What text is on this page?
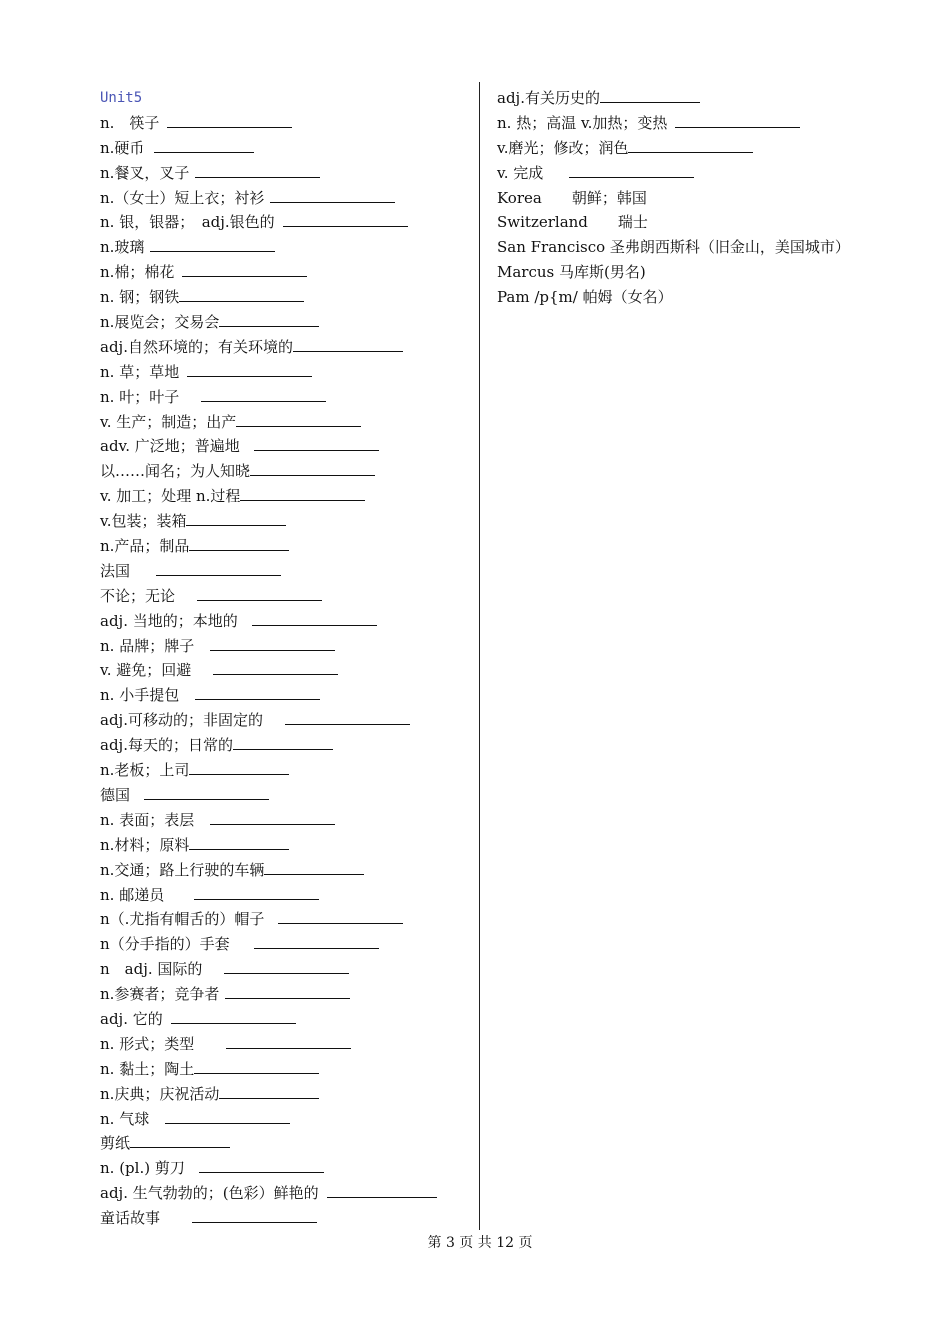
Unit5
n.　筷子
n.硬币
n.餐叉，叉子
n.（女士）短上衣；衬衫
n. 银，银器；　adj.银色的
n.玻璃
n.棉；棉花
n. 钢；钢铁
n.展览会；交易会
adj.自然环境的；有关环境的
n. 草；草地
n. 叶；叶子
v. 生产；制造；出产
adv. 广泛地；普遍地
以……闻名；为人知晓
v. 加工；处理 n.过程
v.包装；装箱
n.产品；制品
法国
不论；无论
adj. 当地的；本地的
n. 品牌；牌子
v. 避免；回避
n. 小手提包
adj.可移动的；非固定的
adj.每天的；日常的
n.老板；上司
德国
n. 表面；表层
n.材料；原料
n.交通；路上行驶的车辆
n. 邮递员
n（.尤指有帽舌的）帽子
n（分手指的）手套
n　adj. 国际的
n.参赛者；竞争者
adj. 它的
n. 形式；类型
n. 黏土；陶土
n.庆典；庆祝活动
n. 气球
剪纸
n. (pl.) 剪刀
adj. 生气勃勃的；(色彩）鲜艳的
童话故事
adj.有关历史的
n. 热；高温 v.加热；变热
v.磨光；修改；润色
v. 完成
Korea　　朝鲜；韩国
Switzerland　　瑞士
San Francisco 圣弗朗西斯科（旧金山，美国城市）
Marcus 马库斯(男名)
Pam /p{m/ 帕姆（女名）
第 3 页 共 12 页
